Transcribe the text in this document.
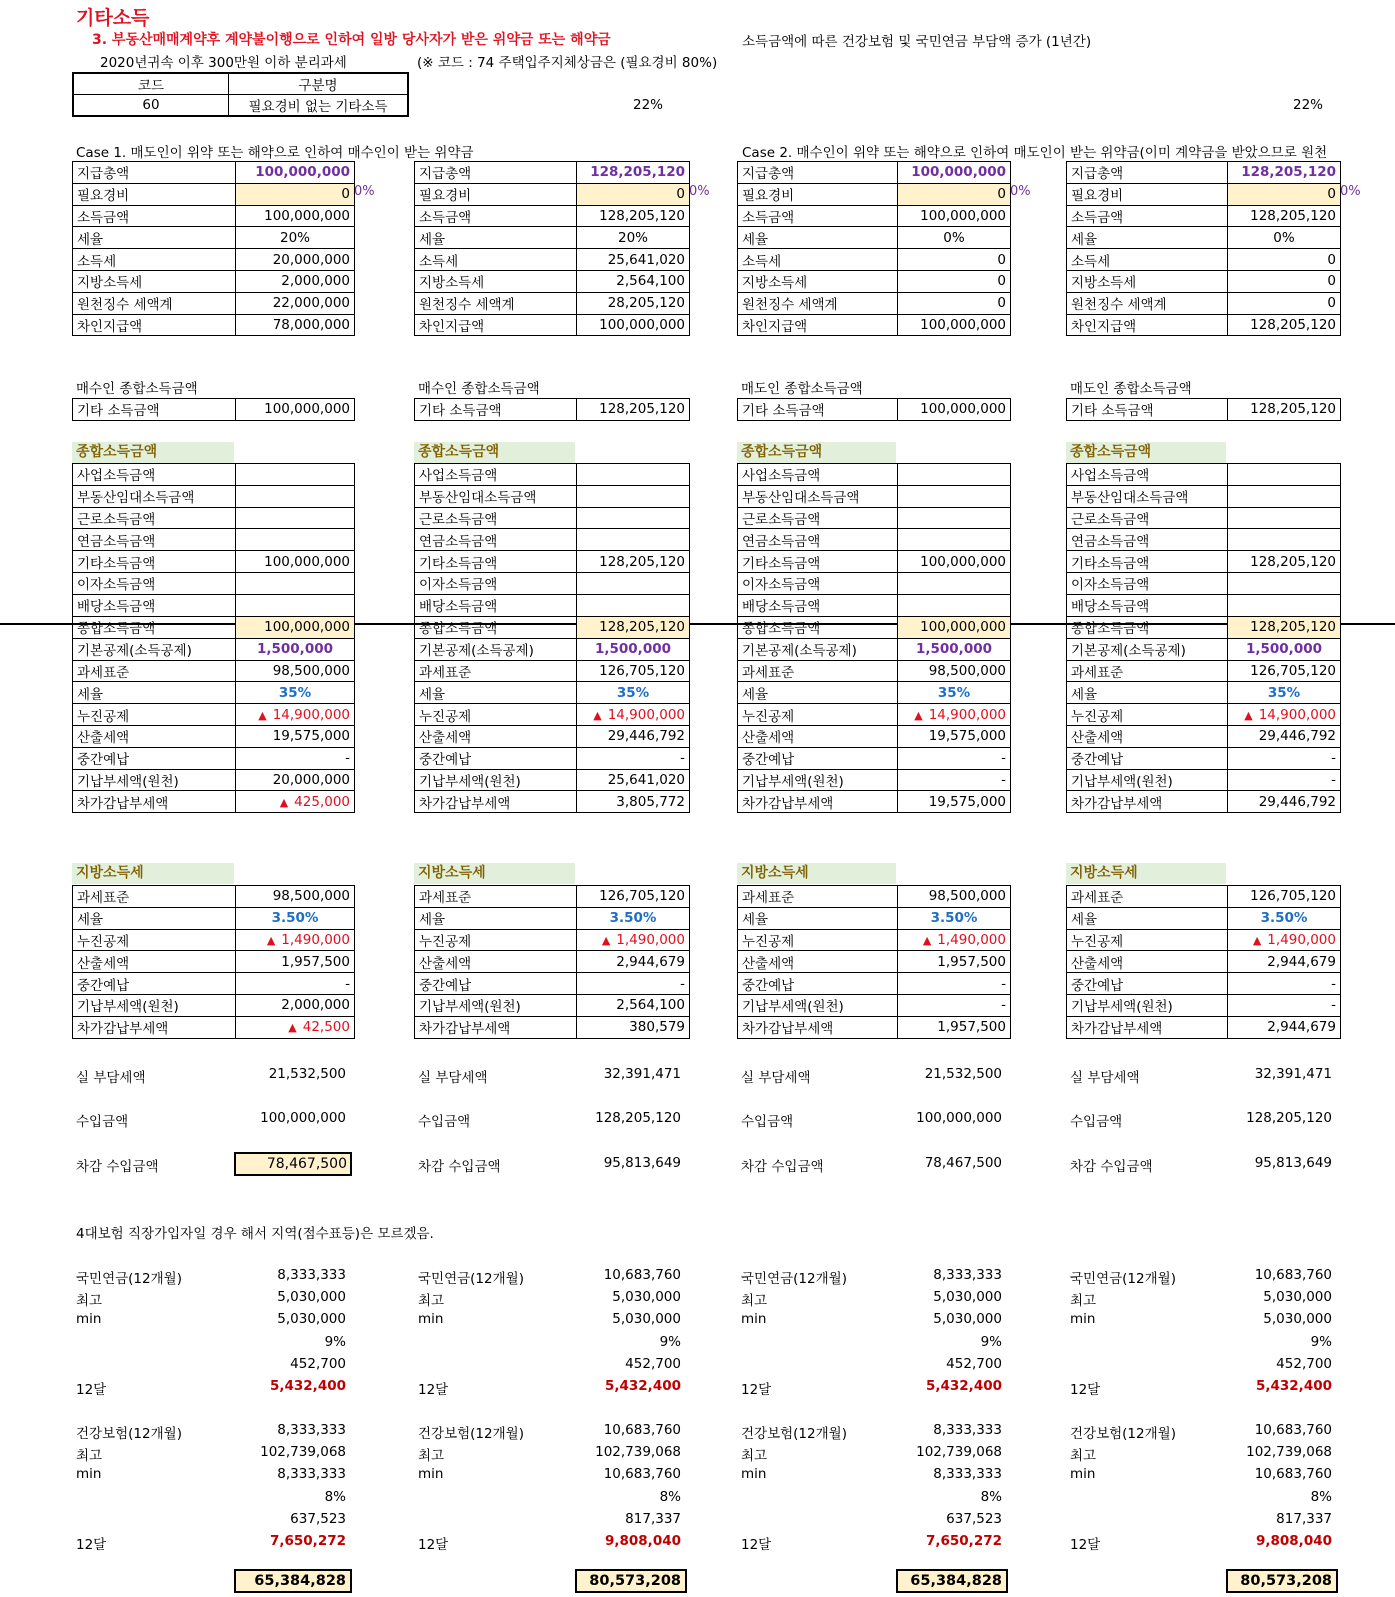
기타소득
3. 부동산매매계약후 계약불이행으로 인하여 일방 당사자가 받은 위약금 또는 해약금	소득금액에 따른 건강보험 및 국민연금 부담액 증가 (1년간)
2020년귀속 이후 300만원 이하 분리과세	(※ 코드 : 74 주택입주지체상금은 (필요경비 80%)
코드	구분명
60	필요경비 없는 기타소득	22%	22%
Case 1. 매도인이 위약 또는 해약으로 인하여 매수인이 받는 위약금	Case 2. 매수인이 위약 또는 해약으로 인하여 매도인이 받는 위약금(이미 계약금을 받았으므로 원천
지급총액	100,000,000
필요경비	0
소득금액	100,000,000
세율	20%
소득세	20,000,000
지방소득세	2,000,000
원천징수 세액계	22,000,000
차인지급액	78,000,000
0%
매수인 종합소득금액
기타 소득금액	100,000,000
종합소득금액
사업소득금액	
부동산임대소득금액	
근로소득금액	
연금소득금액	
기타소득금액	100,000,000
이자소득금액	
배당소득금액	
종합소득금액	100,000,000
기본공제(소득공제)	1,500,000
과세표준	98,500,000
세율	35%
누진공제	▲ 14,900,000
산출세액	19,575,000
중간예납	-
기납부세액(원천)	20,000,000
차가감납부세액	▲ 425,000
지방소득세
과세표준	98,500,000
세율	3.50%
누진공제	▲ 1,490,000
산출세액	1,957,500
중간예납	-
기납부세액(원천)	2,000,000
차가감납부세액	▲ 42,500
실 부담세액	21,532,500
수입금액	100,000,000
차감 수입금액	78,467,500
국민연금(12개월)	8,333,333
최고	5,030,000
min	5,030,000
9%
452,700
12달	5,432,400
건강보험(12개월)	8,333,333
최고	102,739,068
min	8,333,333
8%
637,523
12달	7,650,272
65,384,828
지급총액	128,205,120
필요경비	0
소득금액	128,205,120
세율	20%
소득세	25,641,020
지방소득세	2,564,100
원천징수 세액계	28,205,120
차인지급액	100,000,000
0%
매수인 종합소득금액
기타 소득금액	128,205,120
종합소득금액
사업소득금액	
부동산임대소득금액	
근로소득금액	
연금소득금액	
기타소득금액	128,205,120
이자소득금액	
배당소득금액	
종합소득금액	128,205,120
기본공제(소득공제)	1,500,000
과세표준	126,705,120
세율	35%
누진공제	▲ 14,900,000
산출세액	29,446,792
중간예납	-
기납부세액(원천)	25,641,020
차가감납부세액	3,805,772
지방소득세
과세표준	126,705,120
세율	3.50%
누진공제	▲ 1,490,000
산출세액	2,944,679
중간예납	-
기납부세액(원천)	2,564,100
차가감납부세액	380,579
실 부담세액	32,391,471
수입금액	128,205,120
차감 수입금액	95,813,649
국민연금(12개월)	10,683,760
최고	5,030,000
min	5,030,000
9%
452,700
12달	5,432,400
건강보험(12개월)	10,683,760
최고	102,739,068
min	10,683,760
8%
817,337
12달	9,808,040
80,573,208
지급총액	100,000,000
필요경비	0
소득금액	100,000,000
세율	0%
소득세	0
지방소득세	0
원천징수 세액계	0
차인지급액	100,000,000
0%
매도인 종합소득금액
기타 소득금액	100,000,000
종합소득금액
사업소득금액	
부동산임대소득금액	
근로소득금액	
연금소득금액	
기타소득금액	100,000,000
이자소득금액	
배당소득금액	
종합소득금액	100,000,000
기본공제(소득공제)	1,500,000
과세표준	98,500,000
세율	35%
누진공제	▲ 14,900,000
산출세액	19,575,000
중간예납	-
기납부세액(원천)	-
차가감납부세액	19,575,000
지방소득세
과세표준	98,500,000
세율	3.50%
누진공제	▲ 1,490,000
산출세액	1,957,500
중간예납	-
기납부세액(원천)	-
차가감납부세액	1,957,500
실 부담세액	21,532,500
수입금액	100,000,000
차감 수입금액	78,467,500
국민연금(12개월)	8,333,333
최고	5,030,000
min	5,030,000
9%
452,700
12달	5,432,400
건강보험(12개월)	8,333,333
최고	102,739,068
min	8,333,333
8%
637,523
12달	7,650,272
65,384,828
지급총액	128,205,120
필요경비	0
소득금액	128,205,120
세율	0%
소득세	0
지방소득세	0
원천징수 세액계	0
차인지급액	128,205,120
0%
매도인 종합소득금액
기타 소득금액	128,205,120
종합소득금액
사업소득금액	
부동산임대소득금액	
근로소득금액	
연금소득금액	
기타소득금액	128,205,120
이자소득금액	
배당소득금액	
종합소득금액	128,205,120
기본공제(소득공제)	1,500,000
과세표준	126,705,120
세율	35%
누진공제	▲ 14,900,000
산출세액	29,446,792
중간예납	-
기납부세액(원천)	-
차가감납부세액	29,446,792
지방소득세
과세표준	126,705,120
세율	3.50%
누진공제	▲ 1,490,000
산출세액	2,944,679
중간예납	-
기납부세액(원천)	-
차가감납부세액	2,944,679
실 부담세액	32,391,471
수입금액	128,205,120
차감 수입금액	95,813,649
국민연금(12개월)	10,683,760
최고	5,030,000
min	5,030,000
9%
452,700
12달	5,432,400
건강보험(12개월)	10,683,760
최고	102,739,068
min	10,683,760
8%
817,337
12달	9,808,040
80,573,208
4대보험 직장가입자일 경우 해서 지역(점수표등)은 모르겠음.
